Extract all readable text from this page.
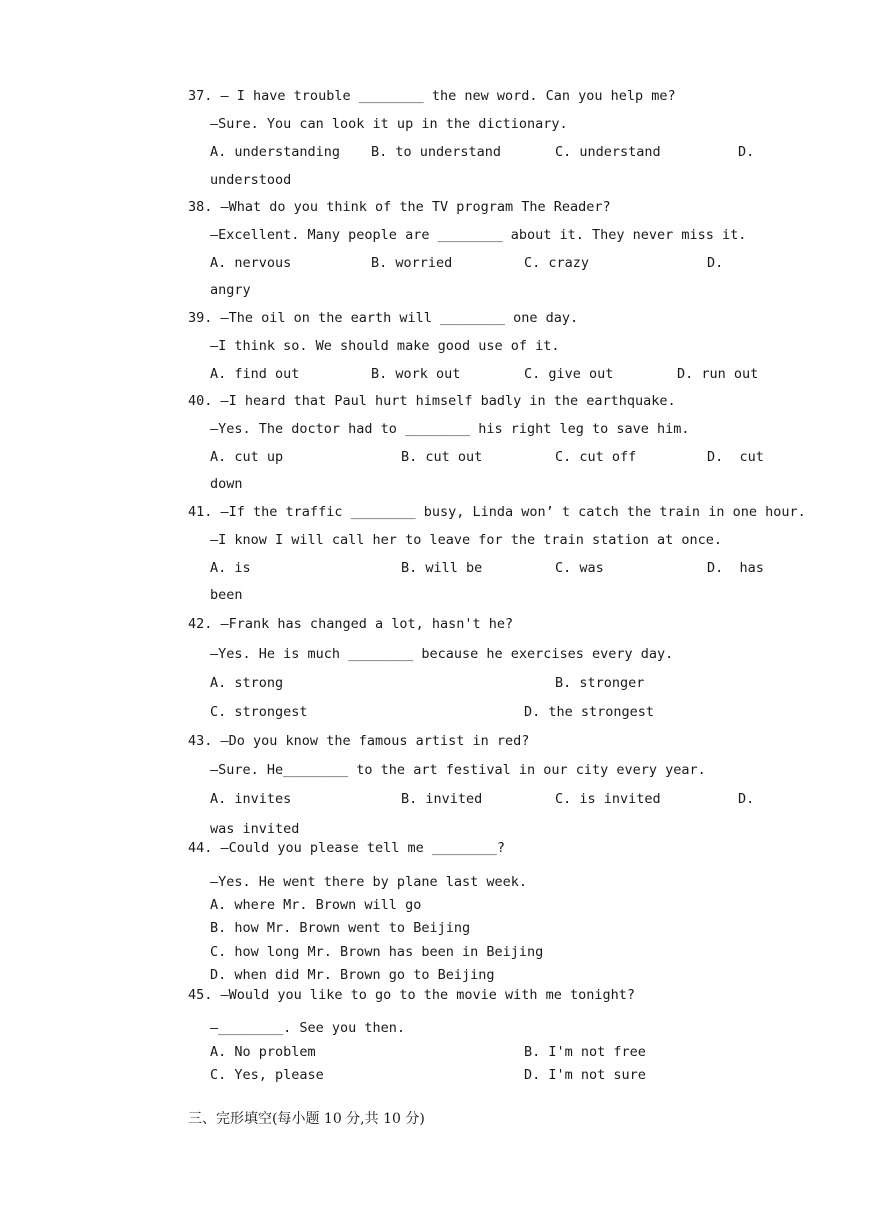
37. — I have trouble ________ the new word. Can you help me?
—Sure. You can look it up in the dictionary.
A. understanding B. to understand	C. understand	D.
understood
38. —What do you think of the TV program The Reader?
—Excellent. Many people are ________ about it. They never miss it.
A. nervous	B. worried	C. crazy	D.
angry
39. —The oil on the earth will ________ one day.
—I think so. We should make good use of it.
A. find out	B. work out	C. give out	D. run out
40. —I heard that Paul hurt himself badly in the earthquake.
—Yes. The doctor had to ________ his right leg to save him.
A. cut up	B. cut out	C. cut off	D.  cut
down
41. —If the traffic ________ busy, Linda won’ t catch the train in one hour.
—I know I will call her to leave for the train station at once.
A. is	B. will be	C. was	D.  has
been
42. —Frank has changed a lot, hasn't he?
—Yes. He is much ________ because he exercises every day.
A. strong	B. stronger
C. strongest	D. the strongest
43. —Do you know the famous artist in red?
—Sure. He________ to the art festival in our city every year.
A. invites	B. invited	C. is invited	D.
was invited
44. —Could you please tell me ________?
—Yes. He went there by plane last week.
A. where Mr. Brown will go
B. how Mr. Brown went to Beijing
C. how long Mr. Brown has been in Beijing
D. when did Mr. Brown go to Beijing
45. —Would you like to go to the movie with me tonight?
—________. See you then.
A. No problem	B. I'm not free
C. Yes, please	D. I'm not sure
三、完形填空(每小题 10 分,共 10 分)
